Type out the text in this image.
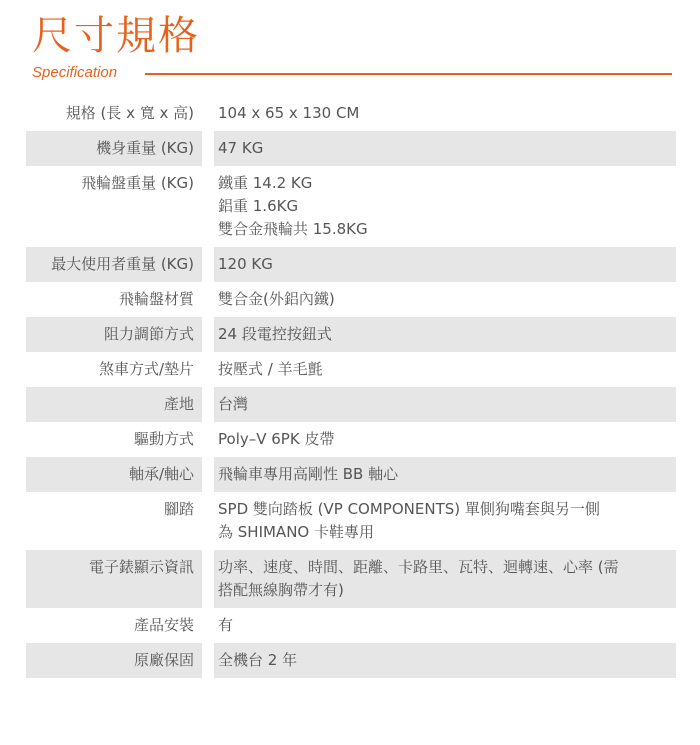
尺寸規格
Specification
規格 (長 x 寬 x 高)	104 x 65 x 130 CM
機身重量 (KG)	47 KG
飛輪盤重量 (KG)	鐵重 14.2 KG
鋁重 1.6KG
雙合金飛輪共 15.8KG
最大使用者重量 (KG)	120 KG
飛輪盤材質	雙合金(外鋁內鐵)
阻力調節方式	24 段電控按鈕式
煞車方式/墊片	按壓式 / 羊毛氈
產地	台灣
驅動方式	Poly–V 6PK 皮帶
軸承/軸心	飛輪車專用高剛性 BB 軸心
腳踏	SPD 雙向踏板 (VP COMPONENTS) 單側狗嘴套與另一側
為 SHIMANO 卡鞋專用
電子錶顯示資訊	功率、速度、時間、距離、卡路里、瓦特、迴轉速、心率 (需
搭配無線胸帶才有)
產品安裝	有
原廠保固	全機台 2 年
